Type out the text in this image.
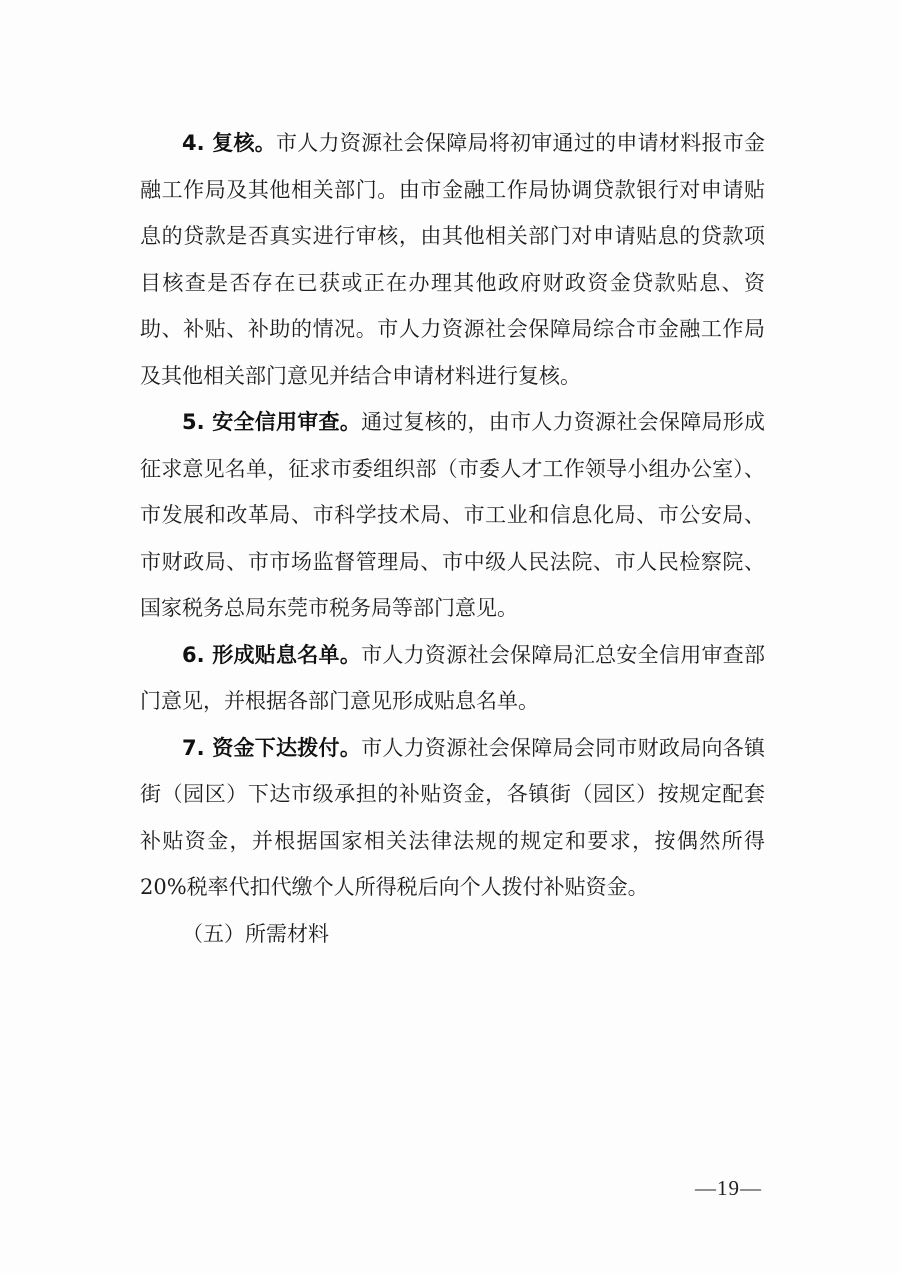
4. 复核。市人力资源社会保障局将初审通过的申请材料报市金融工作局及其他相关部门。由市金融工作局协调贷款银行对申请贴息的贷款是否真实进行审核，由其他相关部门对申请贴息的贷款项目核查是否存在已获或正在办理其他政府财政资金贷款贴息、资助、补贴、补助的情况。市人力资源社会保障局综合市金融工作局及其他相关部门意见并结合申请材料进行复核。

5. 安全信用审查。通过复核的，由市人力资源社会保障局形成征求意见名单，征求市委组织部（市委人才工作领导小组办公室）、市发展和改革局、市科学技术局、市工业和信息化局、市公安局、市财政局、市市场监督管理局、市中级人民法院、市人民检察院、国家税务总局东莞市税务局等部门意见。

6. 形成贴息名单。市人力资源社会保障局汇总安全信用审查部门意见，并根据各部门意见形成贴息名单。

7. 资金下达拨付。市人力资源社会保障局会同市财政局向各镇街（园区）下达市级承担的补贴资金，各镇街（园区）按规定配套补贴资金，并根据国家相关法律法规的规定和要求，按偶然所得 20%税率代扣代缴个人所得税后向个人拨付补贴资金。

（五）所需材料

—19—
